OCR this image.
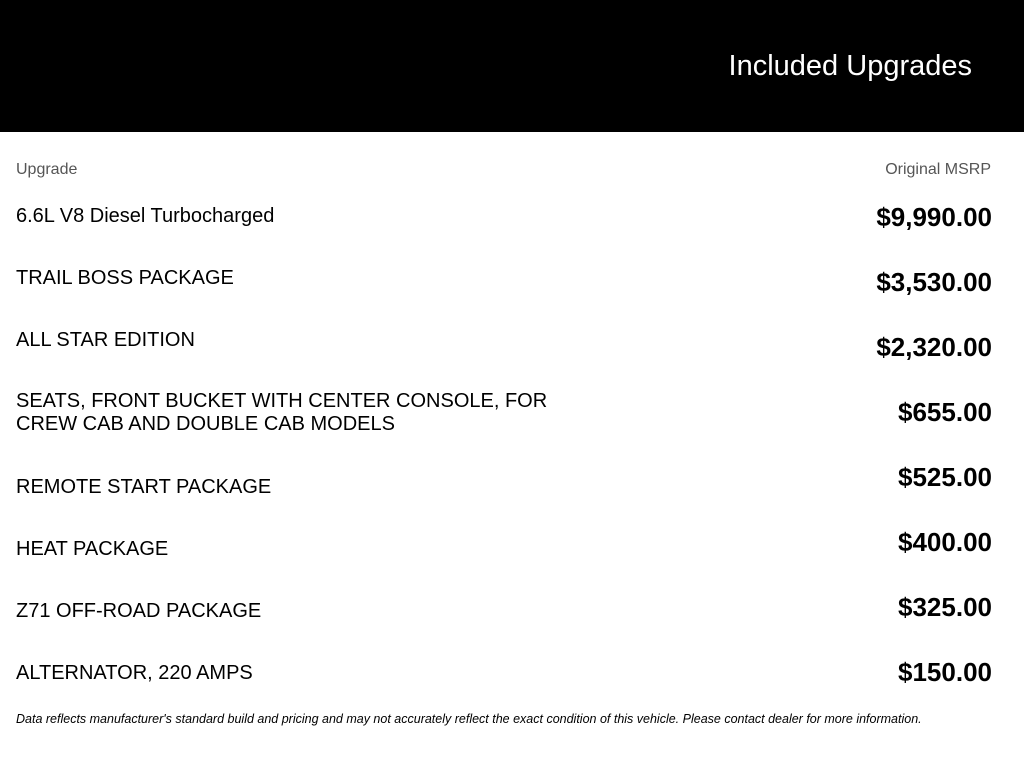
Included Upgrades
Upgrade	Original MSRP
6.6L V8 Diesel Turbocharged	$9,990.00
TRAIL BOSS PACKAGE	$3,530.00
ALL STAR EDITION	$2,320.00
SEATS, FRONT BUCKET WITH CENTER CONSOLE, FOR CREW CAB AND DOUBLE CAB MODELS	$655.00
REMOTE START PACKAGE	$525.00
HEAT PACKAGE	$400.00
Z71 OFF-ROAD PACKAGE	$325.00
ALTERNATOR, 220 AMPS	$150.00
Data reflects manufacturer's standard build and pricing and may not accurately reflect the exact condition of this vehicle. Please contact dealer for more information.
